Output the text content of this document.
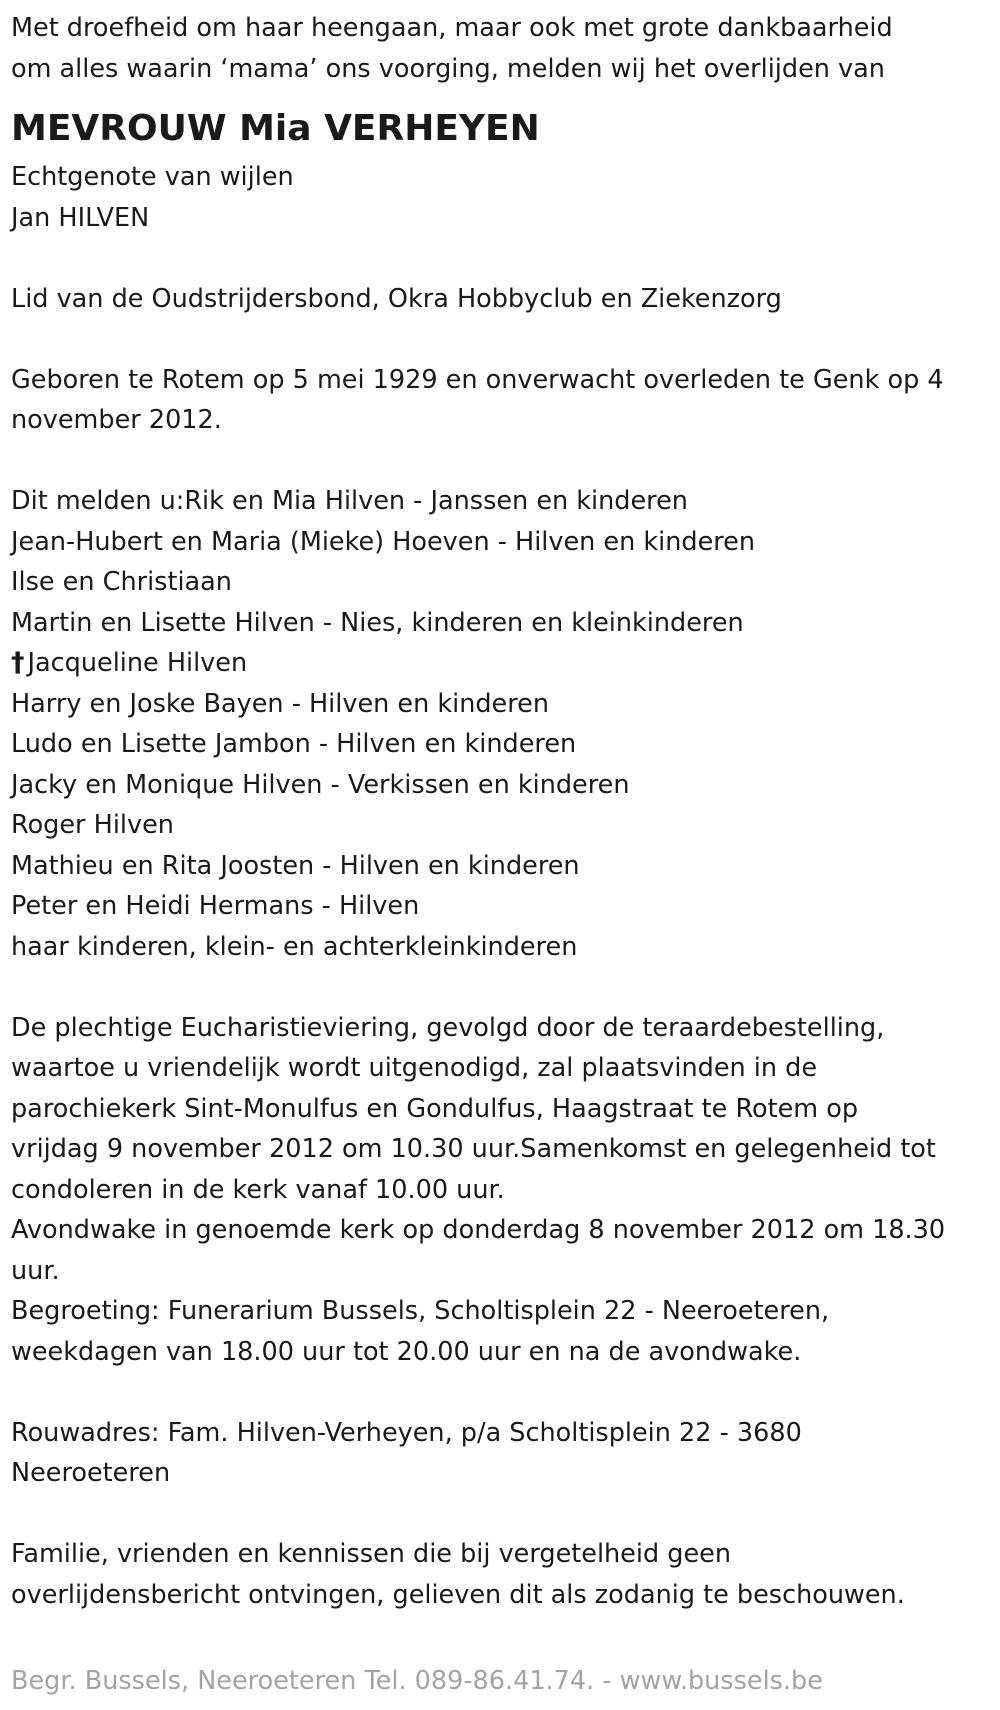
Met droefheid om haar heengaan, maar ook met grote dankbaarheid

om alles waarin ‘mama’ ons voorging, melden wij het overlijden van

MEVROUW Mia VERHEYEN

Echtgenote van wijlen

Jan HILVEN

Lid van de Oudstrijdersbond, Okra Hobbyclub en Ziekenzorg

Geboren te Rotem op 5 mei 1929 en onverwacht overleden te Genk op 4

november 2012.

Dit melden u:Rik en Mia Hilven - Janssen en kinderen

Jean-Hubert en Maria (Mieke) Hoeven - Hilven en kinderen

Ilse en Christiaan

Martin en Lisette Hilven - Nies, kinderen en kleinkinderen

† Jacqueline Hilven

Harry en Joske Bayen - Hilven en kinderen

Ludo en Lisette Jambon - Hilven en kinderen

Jacky en Monique Hilven - Verkissen en kinderen

Roger Hilven

Mathieu en Rita Joosten - Hilven en kinderen

Peter en Heidi Hermans - Hilven

haar kinderen, klein- en achterkleinkinderen

De plechtige Eucharistieviering, gevolgd door de teraardebestelling,

waartoe u vriendelijk wordt uitgenodigd, zal plaatsvinden in de

parochiekerk Sint-Monulfus en Gondulfus, Haagstraat te Rotem op

vrijdag 9 november 2012 om 10.30 uur.Samenkomst en gelegenheid tot

condoleren in de kerk vanaf 10.00 uur.

Avondwake in genoemde kerk op donderdag 8 november 2012 om 18.30

uur.

Begroeting: Funerarium Bussels, Scholtisplein 22 - Neeroeteren,

weekdagen van 18.00 uur tot 20.00 uur en na de avondwake.

Rouwadres: Fam. Hilven-Verheyen, p/a Scholtisplein 22 - 3680

Neeroeteren

Familie, vrienden en kennissen die bij vergetelheid geen

overlijdensbericht ontvingen, gelieven dit als zodanig te beschouwen.

Begr. Bussels, Neeroeteren Tel. 089-86.41.74. - www.bussels.be
